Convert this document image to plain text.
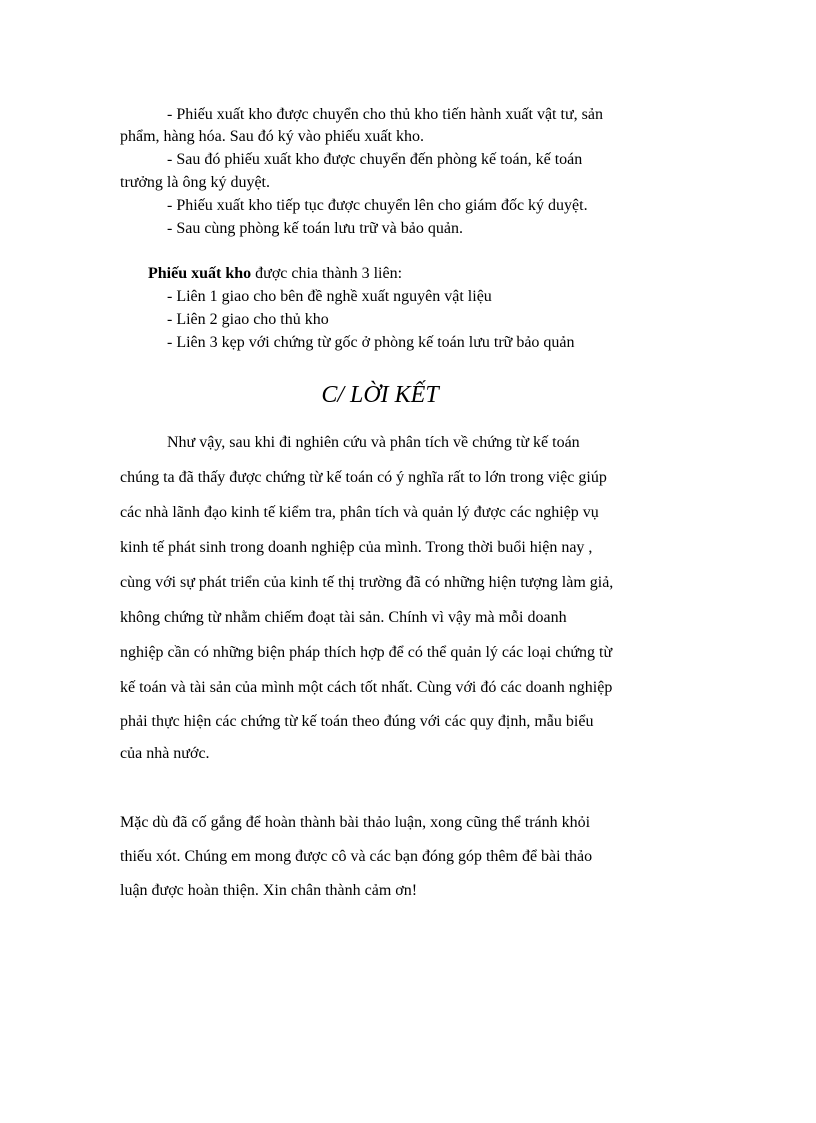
- Phiếu xuất kho được chuyển cho thủ kho tiến hành xuất vật tư, sản
phẩm, hàng hóa. Sau đó ký vào phiếu xuất kho.
- Sau đó phiếu xuất kho được chuyển đến phòng kế toán, kế toán
trưởng là ông ký duyệt.
- Phiếu xuất kho tiếp tục được chuyển lên cho giám đốc ký duyệt.
- Sau cùng phòng kế toán lưu trữ và bảo quản.
Phiếu xuất kho được chia thành 3 liên:
- Liên 1 giao cho bên đề nghề xuất nguyên vật liệu
- Liên 2 giao cho thủ kho
- Liên 3 kẹp với chứng từ gốc ở phòng kế toán lưu trữ bảo quản
C/ LỜI KẾT
Như vậy, sau khi đi nghiên cứu và phân tích về chứng từ kế toán
chúng ta đã thấy được chứng từ kế toán có ý nghĩa rất to lớn trong việc giúp
các nhà lãnh đạo kinh tế kiểm tra, phân tích và quản lý được các nghiệp vụ
kinh tế phát sinh trong doanh nghiệp của mình. Trong thời buổi hiện nay ,
cùng với sự phát triển của kinh tế thị trường đã có những hiện tượng làm giả,
không chứng từ nhằm chiếm đoạt tài sản. Chính vì vậy mà mỗi doanh
nghiệp cần có những biện pháp thích hợp để có thể quản lý các loại chứng từ
kế toán và tài sản của mình một cách tốt nhất. Cùng với đó các doanh nghiệp
phải thực hiện các chứng từ kế toán theo đúng với các quy định, mẫu biểu
của nhà nước.
Mặc dù đã cố gắng để hoàn thành bài thảo luận, xong cũng thể tránh khỏi
thiếu xót. Chúng em mong được cô và các bạn đóng góp thêm để bài thảo
luận được hoàn thiện. Xin chân thành cảm ơn!
